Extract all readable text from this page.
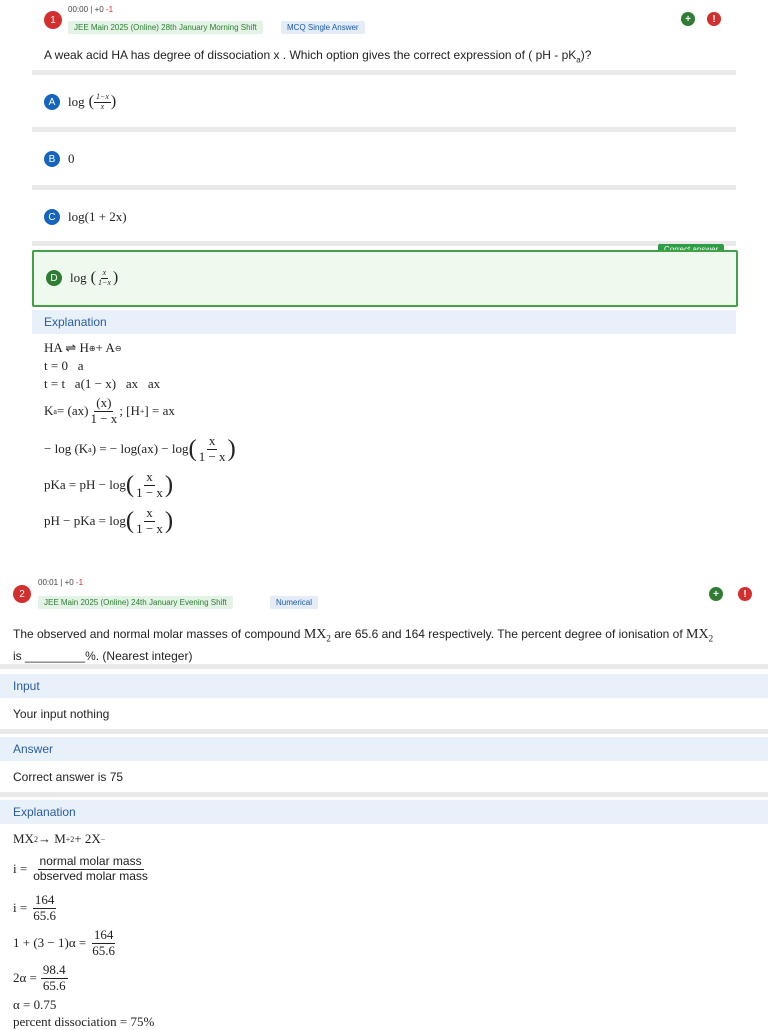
1
00:00 | +0 -1
JEE Main 2025 (Online) 28th January Morning Shift	MCQ Single Answer
+	!
A weak acid HA has degree of dissociation x . Which option gives the correct expression of ( pH - $pK_a$)?
A log ( $\frac{1-x}{x}$ )
B 0
C log(1 + 2x)
D log ( $\frac{x}{1-x}$ )
Explanation
HA ⇌ H ⊕ + A ⊖
t = 0   a
t = t   a(1 − x)   ax   ax
K $a = (ax) \frac{(x)}{1 - x}$ ; [H + ] = ax
− log (K a ) = − log(ax) − log ( $\frac{x}{1 - x}$ )
pKa = pH − log ( $\frac{x}{1 - x}$ )
pH − pKa = log ( $\frac{x}{1 - x}$ )
2
00:01 | +0 -1
JEE Main 2025 (Online) 24th January Evening Shift	Numerical
+	!
The observed and normal molar masses of compound $MX_2$ are 65.6 and 164 respectively. The percent degree of ionisation of $MX_2$
is _________%. (Nearest integer)
Input
Your input nothing
Answer
Correct answer is 75
Explanation
MX 2 → M +2 + 2X −
$i = \frac{\text{normal molar mass}}{\text{observed molar mass}}$
$i = \frac{164}{65.6}$
$1 + (3 - 1)\alpha = \frac{164}{65.6}$
$2\alpha = \frac{98.4}{65.6}$
α = 0.75
percent dissociation = 75%
